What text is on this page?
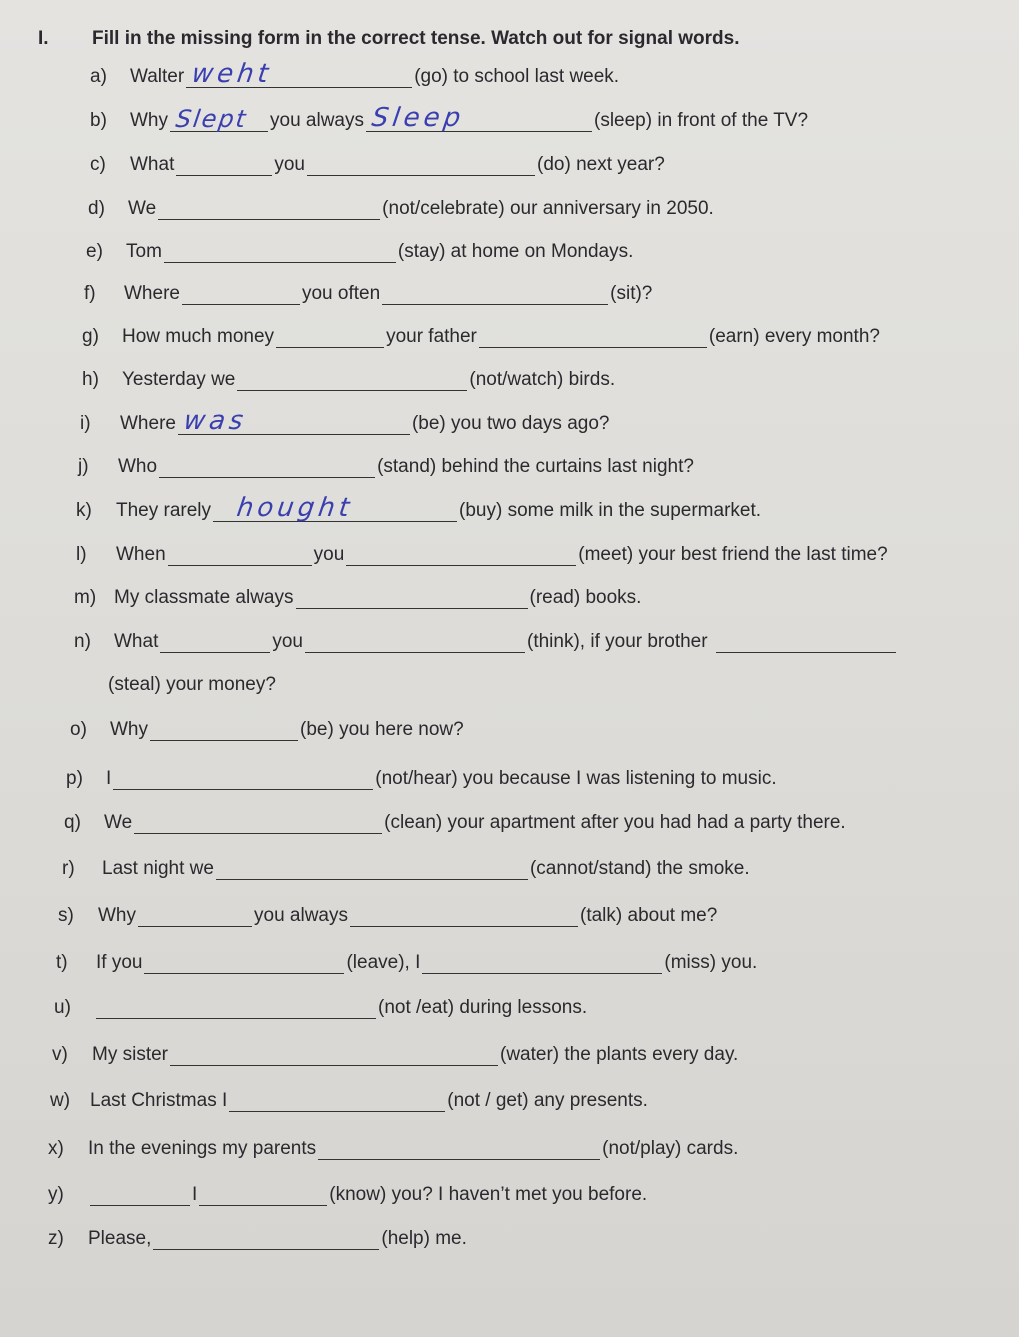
I. Fill in the missing form in the correct tense. Watch out for signal words.
a)	Walter weht	(go) to school last week.
b)	Why Slept you always Sleep	(sleep) in front of the TV?
c)	What	you	(do) next year?
d)	We	(not/celebrate) our anniversary in 2050.
e)	Tom	(stay) at home on Mondays.
f)	Where	you often	(sit)?
g)	How much money	your father	(earn) every month?
h)	Yesterday we	(not/watch) birds.
i)	Where was	(be) you two days ago?
j)	Who	(stand) behind the curtains last night?
k)	They rarely hought	(buy) some milk in the supermarket.
l)	When	you	(meet) your best friend the last time?
m) My classmate always	(read) books.
n)	What	you	(think), if your brother
(steal) your money?
o)	Why	(be) you here now?
p)	I	(not/hear) you because I was listening to music.
q)	We	(clean) your apartment after you had had a party there.
r)	Last night we	(cannot/stand) the smoke.
s)	Why	you always	(talk) about me?
t)	If you	(leave), I	(miss) you.
u)	(not /eat) during lessons.
v)	My sister	(water) the plants every day.
w)	Last Christmas I	(not / get) any presents.
x)	In the evenings my parents	(not/play) cards.
y)	I	(know) you? I haven’t met you before.
z)	Please,	(help) me.
